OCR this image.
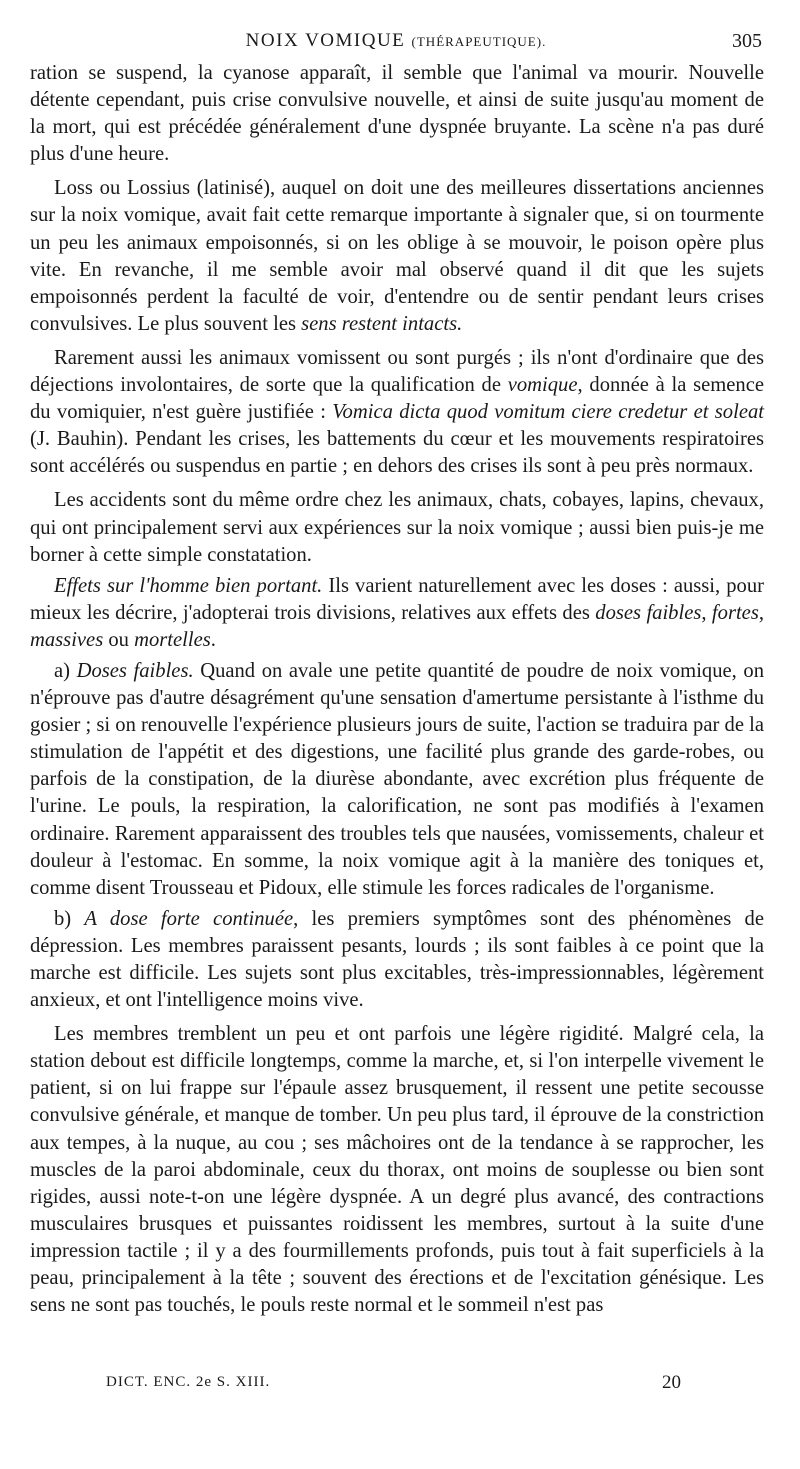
NOIX VOMIQUE (THÉRAPEUTIQUE).	305

ration se suspend, la cyanose apparaît, il semble que l'animal va mourir. Nouvelle détente cependant, puis crise convulsive nouvelle, et ainsi de suite jusqu'au moment de la mort, qui est précédée généralement d'une dyspnée bruyante. La scène n'a pas duré plus d'une heure.

Loss ou Lossius (latinisé), auquel on doit une des meilleures dissertations anciennes sur la noix vomique, avait fait cette remarque importante à signaler que, si on tourmente un peu les animaux empoisonnés, si on les oblige à se mouvoir, le poison opère plus vite. En revanche, il me semble avoir mal observé quand il dit que les sujets empoisonnés perdent la faculté de voir, d'entendre ou de sentir pendant leurs crises convulsives. Le plus souvent les sens restent intacts.

Rarement aussi les animaux vomissent ou sont purgés ; ils n'ont d'ordinaire que des déjections involontaires, de sorte que la qualification de vomique, donnée à la semence du vomiquier, n'est guère justifiée : Vomica dicta quod vomitum ciere credetur et soleat (J. Bauhin). Pendant les crises, les battements du cœur et les mouvements respiratoires sont accélérés ou suspendus en partie ; en dehors des crises ils sont à peu près normaux.

Les accidents sont du même ordre chez les animaux, chats, cobayes, lapins, chevaux, qui ont principalement servi aux expériences sur la noix vomique ; aussi bien puis-je me borner à cette simple constatation.

Effets sur l'homme bien portant. Ils varient naturellement avec les doses : aussi, pour mieux les décrire, j'adopterai trois divisions, relatives aux effets des doses faibles, fortes, massives ou mortelles.

a) Doses faibles. Quand on avale une petite quantité de poudre de noix vomique, on n'éprouve pas d'autre désagrément qu'une sensation d'amertume persistante à l'isthme du gosier ; si on renouvelle l'expérience plusieurs jours de suite, l'action se traduira par de la stimulation de l'appétit et des digestions, une facilité plus grande des garde-robes, ou parfois de la constipation, de la diurèse abondante, avec excrétion plus fréquente de l'urine. Le pouls, la respiration, la calorification, ne sont pas modifiés à l'examen ordinaire. Rarement apparaissent des troubles tels que nausées, vomissements, chaleur et douleur à l'estomac. En somme, la noix vomique agit à la manière des toniques et, comme disent Trousseau et Pidoux, elle stimule les forces radicales de l'organisme.

b) A dose forte continuée, les premiers symptômes sont des phénomènes de dépression. Les membres paraissent pesants, lourds ; ils sont faibles à ce point que la marche est difficile. Les sujets sont plus excitables, très-impressionnables, légèrement anxieux, et ont l'intelligence moins vive.

Les membres tremblent un peu et ont parfois une légère rigidité. Malgré cela, la station debout est difficile longtemps, comme la marche, et, si l'on interpelle vivement le patient, si on lui frappe sur l'épaule assez brusquement, il ressent une petite secousse convulsive générale, et manque de tomber. Un peu plus tard, il éprouve de la constriction aux tempes, à la nuque, au cou ; ses mâchoires ont de la tendance à se rapprocher, les muscles de la paroi abdominale, ceux du thorax, ont moins de souplesse ou bien sont rigides, aussi note-t-on une légère dyspnée. A un degré plus avancé, des contractions musculaires brusques et puissantes roidissent les membres, surtout à la suite d'une impression tactile ; il y a des fourmillements profonds, puis tout à fait superficiels à la peau, principalement à la tête ; souvent des érections et de l'excitation génésique. Les sens ne sont pas touchés, le pouls reste normal et le sommeil n'est pas

DICT. ENC. 2e S. XIII.	20
